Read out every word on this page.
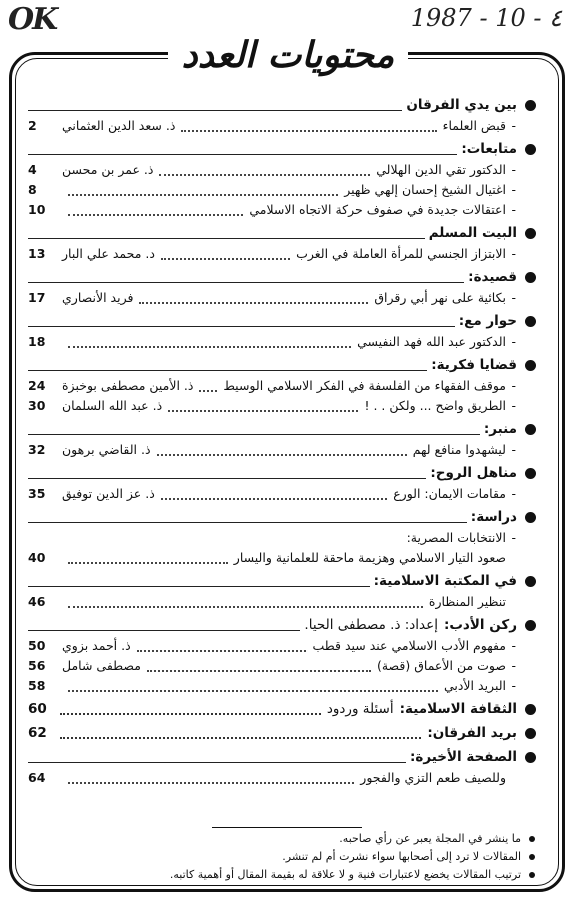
OK	1987 - 10 - ٤
محتويات العدد
بين يدي الفرقان
-
قبض العلماء
ذ. سعد الدين العثماني
2
متابعات:
-
الدكتور تقي الدين الهلالي
ذ. عمر بن محسن
4
-
اغتيال الشيخ إحسان إلهي ظهير
8
-
اعتقالات جديدة في صفوف حركة الاتجاه الاسلامي
10
البيت المسلم
-
الابتزاز الجنسي للمرأة العاملة في الغرب
د. محمد علي البار
13
قصيدة:
-
بكائية على نهر أبي رقراق
فريد الأنصاري
17
حوار مع:
-
الدكتور عبد الله فهد النفيسي
18
قضايا فكرية:
-
موقف الفقهاء من الفلسفة في الفكر الاسلامي الوسيط
ذ. الأمين مصطفى بوخبزة
24
-
الطريق واضح ... ولكن . . !
ذ. عبد الله السلمان
30
منبر:
-
ليشهدوا منافع لهم
ذ. القاضي برهون
32
مناهل الروح:
-
مقامات الايمان: الورع
ذ. عز الدين توفيق
35
دراسة:
-
الانتخابات المصرية:
صعود التيار الاسلامي وهزيمة ماحقة للعلمانية واليسار
40
في المكتبة الاسلامية:
تنظير المنظارة
46
ركن الأدب:
إعداد: ذ. مصطفى الحيا.
-
مفهوم الأدب الاسلامي عند سيد قطب
ذ. أحمد بزوي
50
-
صوت من الأعماق (قصة)
مصطفى شامل
56
-
البريد الأدبي
58
الثقافة الاسلامية:
أسئلة وردود
60
بريد الفرقان:
62
الصفحة الأخيرة:
وللصيف طعم التزي والفجور
64
ما ينشر في المجلة يعبر عن رأي صاحبه.
المقالات لا ترد إلى أصحابها سواء نشرت أم لم تنشر.
ترتيب المقالات يخضع لاعتبارات فنية و لا علاقة له بقيمة المقال أو أهمية كاتبه.
